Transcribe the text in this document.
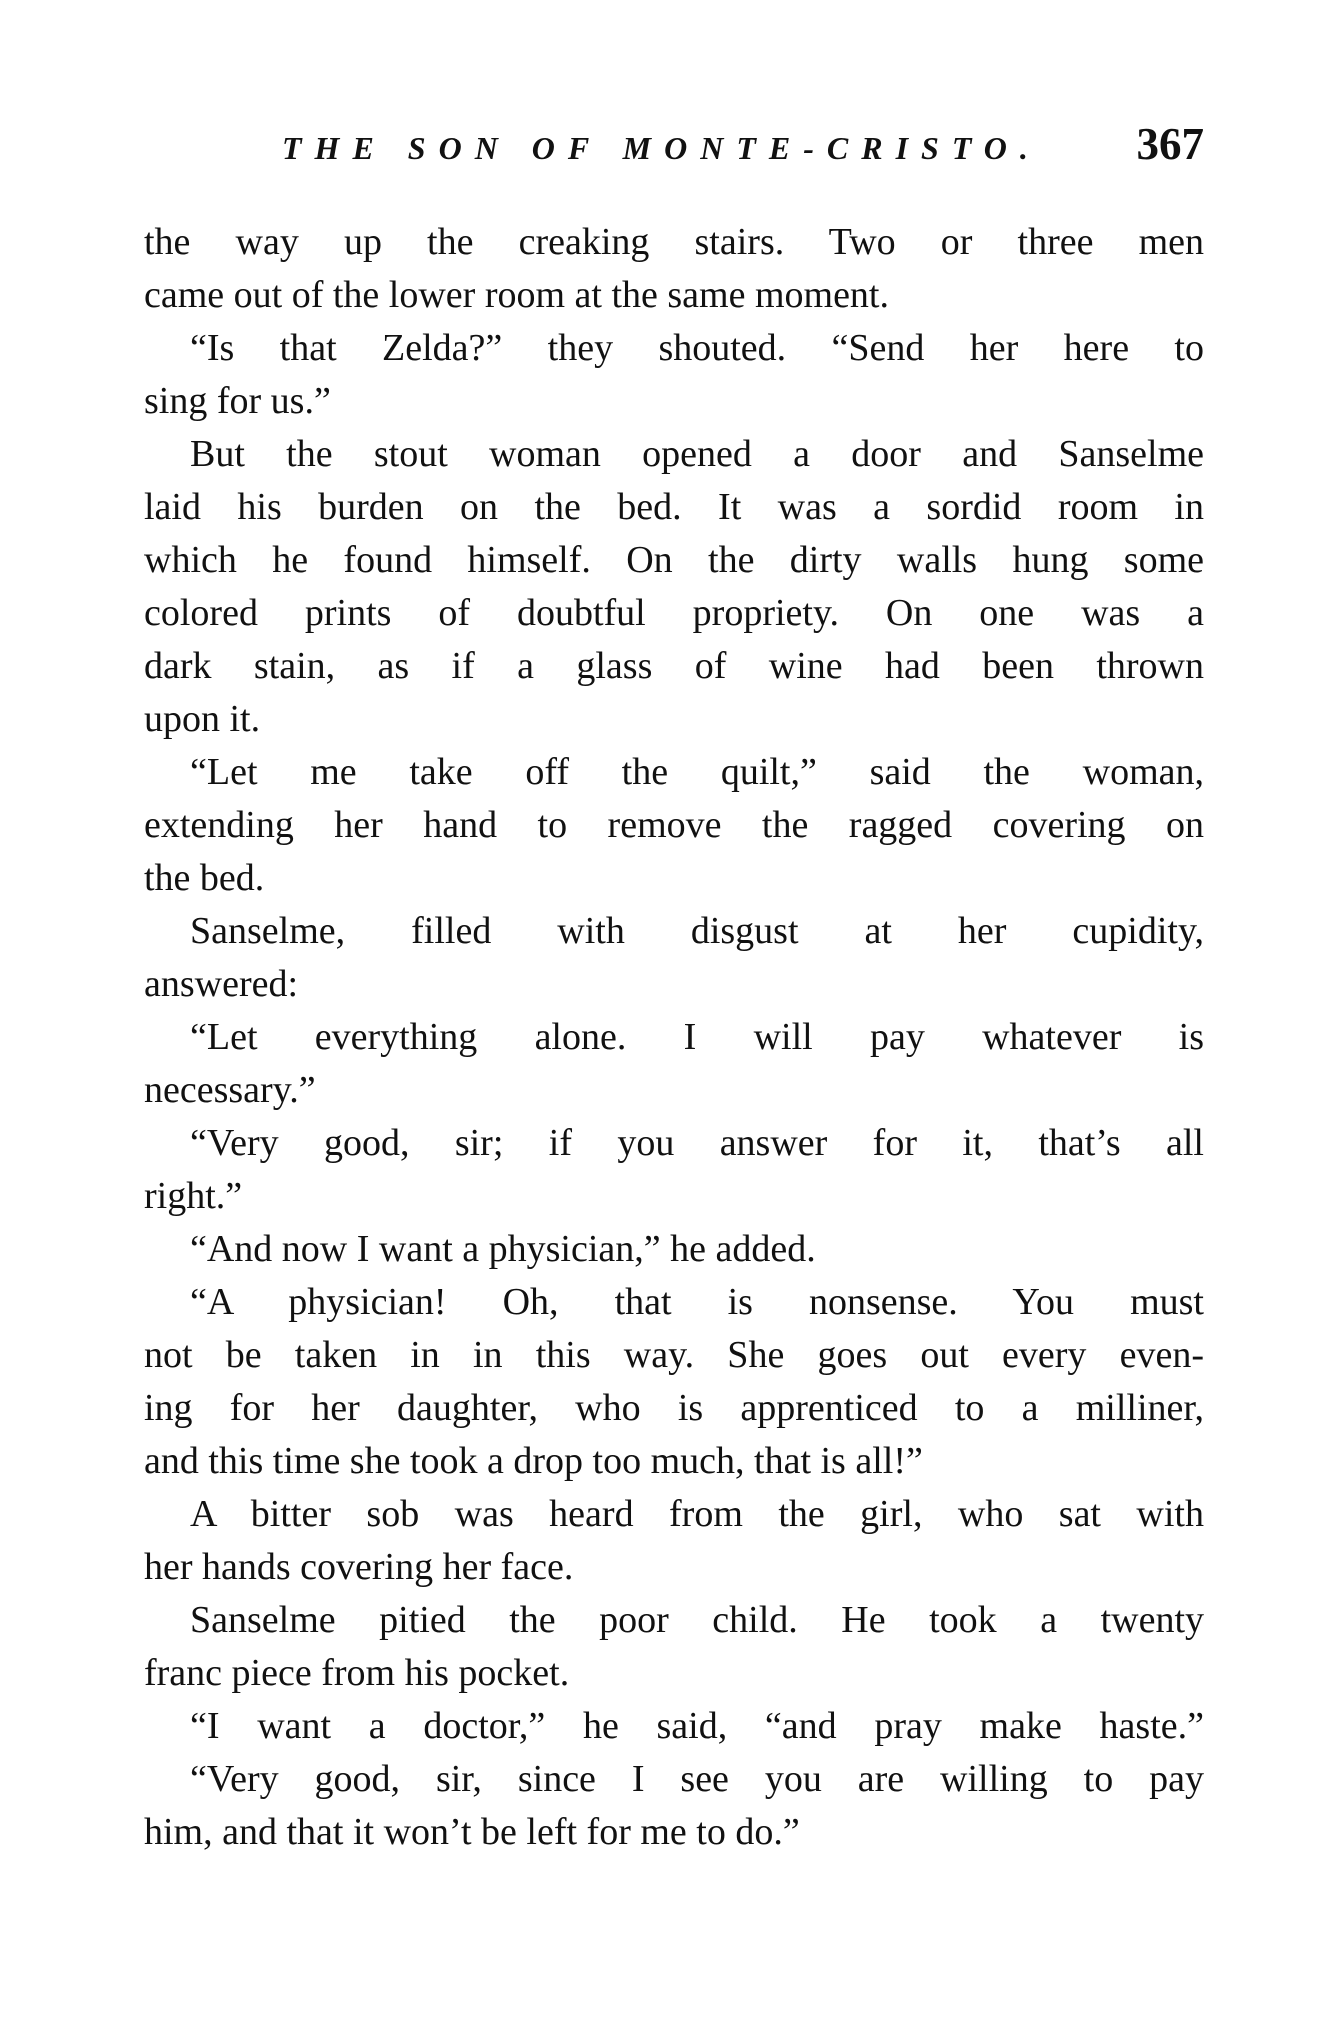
THE SON OF MONTE-CRISTO. 367
the way up the creaking stairs. Two or three men
came out of the lower room at the same moment.
“Is that Zelda?” they shouted. “Send her here to
sing for us.”
But the stout woman opened a door and Sanselme
laid his burden on the bed. It was a sordid room in
which he found himself. On the dirty walls hung some
colored prints of doubtful propriety. On one was a
dark stain, as if a glass of wine had been thrown
upon it.
“Let me take off the quilt,” said the woman,
extending her hand to remove the ragged covering on
the bed.
Sanselme, filled with disgust at her cupidity,
answered:
“Let everything alone. I will pay whatever is
necessary.”
“Very good, sir; if you answer for it, that’s all
right.”
“And now I want a physician,” he added.
“A physician! Oh, that is nonsense. You must
not be taken in in this way. She goes out every even-
ing for her daughter, who is apprenticed to a milliner,
and this time she took a drop too much, that is all!”
A bitter sob was heard from the girl, who sat with
her hands covering her face.
Sanselme pitied the poor child. He took a twenty
franc piece from his pocket.
“I want a doctor,” he said, “and pray make haste.”
“Very good, sir, since I see you are willing to pay
him, and that it won’t be left for me to do.”
